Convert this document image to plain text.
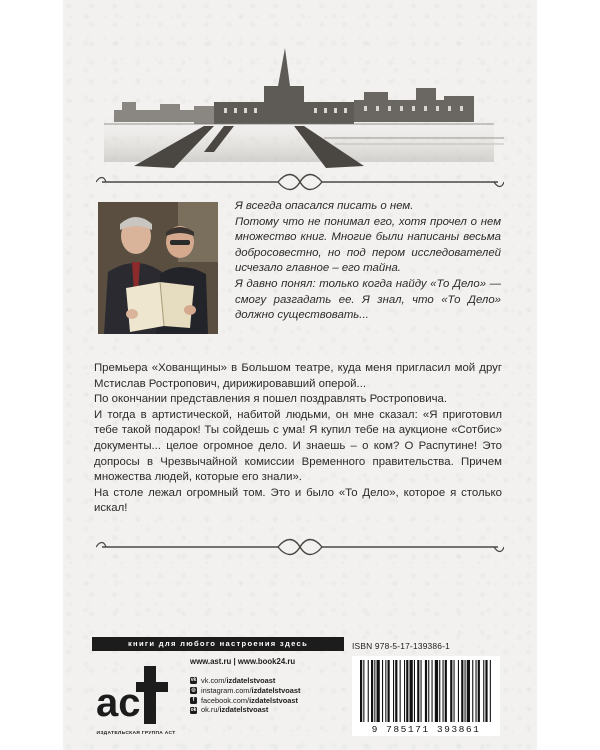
Я всегда опасался писать о нем.

Потому что не понимал его, хотя прочел о нем множество книг. Многие были написаны весьма добросовестно, но под пером исследователей исчезало главное – его тайна.

Я давно понял: только когда найду «То Дело» — смогу разгадать ее. Я знал, что «То Дело» должно существовать...

Премьера «Хованщины» в Большом театре, куда меня пригласил мой друг Мстислав Ростропович, дирижировавший оперой...

По окончании представления я пошел поздравлять Ростроповича.

И тогда в артистической, набитой людьми, он мне сказал: «Я приготовил тебе такой подарок! Ты сойдешь с ума! Я купил тебе на аукционе «Сотбис» документы... целое огромное дело. И знаешь – о ком? О Распутине! Это допросы в Чрезвычайной комиссии Временного правительства. Причем множества людей, которые его знали».

На столе лежал огромный том. Это и было «То Дело», которое я столько искал!

книги для любого настроения здесь
ac
ИЗДАТЕЛЬСКАЯ ГРУППА АСТ
www.ast.ru | www.book24.ru
vk vk.com/izdatelstvoast
◎ instagram.com/izdatelstvoast
f facebook.com/izdatelstvoast
ok ok.ru/izdatelstvoast
ISBN 978-5-17-139386-1
9 785171 393861
